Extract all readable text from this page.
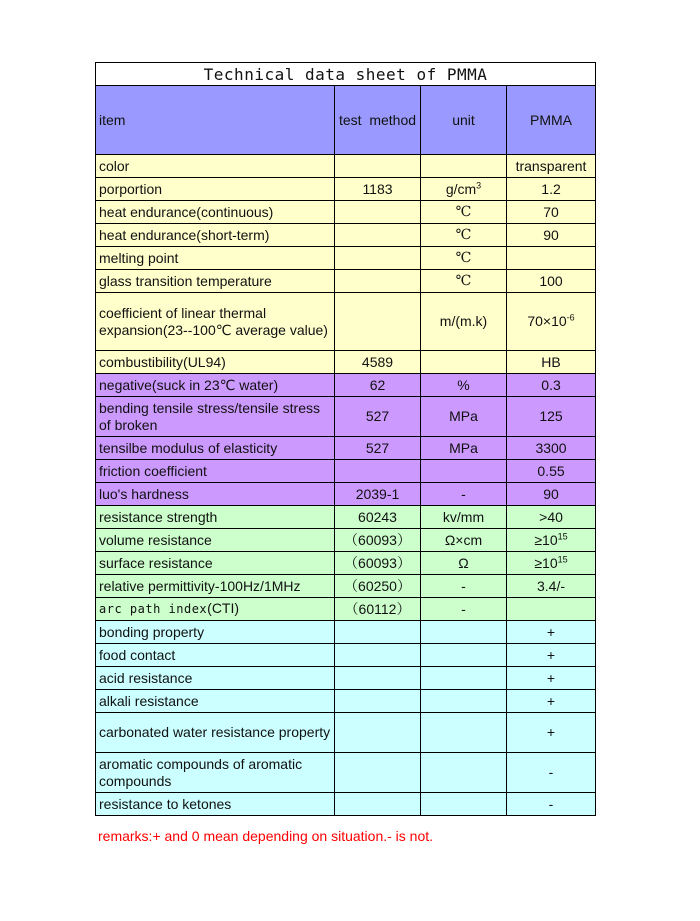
Technical data sheet of PMMA			
item	test  method	unit	PMMA
color			transparent
porportion	1183	$g/cm^3$	1.2
heat endurance(continuous)		℃	70
heat endurance(short-term)		℃	90
melting point		℃	
glass transition temperature		℃	100
coefficient of linear thermal expansion(23--100℃ average value)		m/(m.k)	$70\times 10^{-6}$
combustibility(UL94)	4589		HB
negative(suck in 23℃ water)	62	%	0.3
bending tensile stress/tensile stress of broken	527	MPa	125
tensilbe modulus of elasticity	527	MPa	3300
friction coefficient			0.55
luo's hardness	2039-1	-	90
resistance strength	60243	kv/mm	>40
volume resistance	（60093）	Ω×cm	$\ge 10^{15}$
surface resistance	（60093）	Ω	$\ge 10^{15}$
relative permittivity-100Hz/1MHz	（60250）	-	3.4/-
arc path index(CTI)	（60112）	-	
bonding property			+
food contact			+
acid resistance			+
alkali resistance			+
carbonated water resistance property			+
aromatic compounds of aromatic compounds			-
resistance to ketones			-
remarks:+ and 0 mean depending on situation.- is not.
